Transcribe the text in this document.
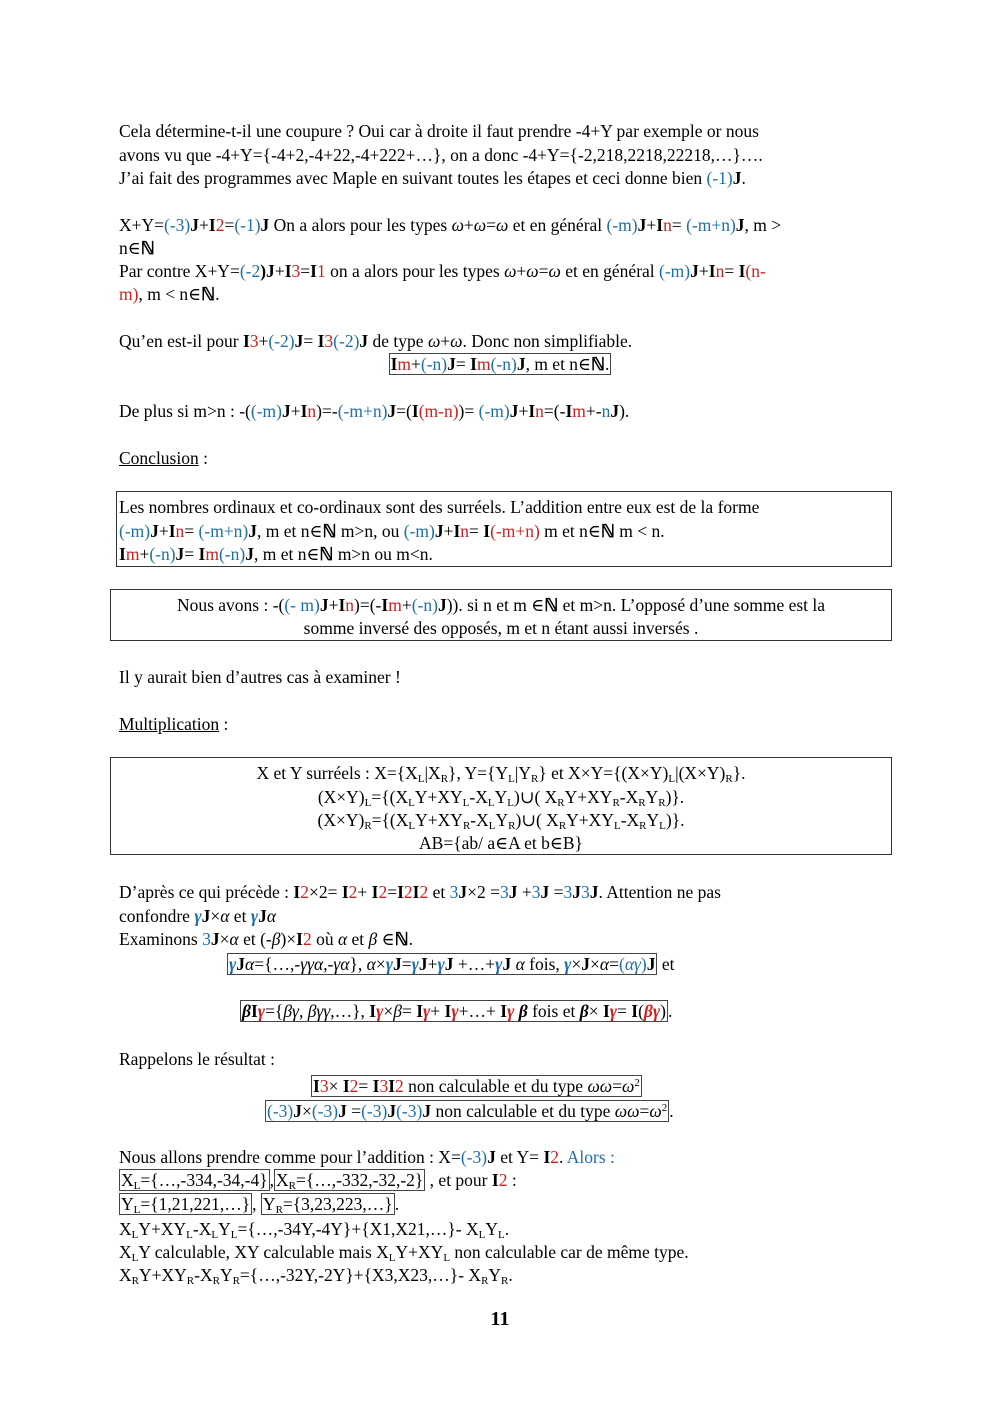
Cela détermine-t-il une coupure ? Oui car à droite il faut prendre -4+Y par exemple or nous
avons vu que -4+Y={-4+2,-4+22,-4+222+…}, on a donc -4+Y={-2,218,2218,22218,…}….
J’ai fait des programmes avec Maple en suivant toutes les étapes et ceci donne bien (-1)J.
X+Y=(-3)J+I2=(-1)J On a alors pour les types ω+ω=ω et en général (-m)J+In= (-m+n)J, m >
n∈ℕ
Par contre X+Y=(-2)J+I3=I1 on a alors pour les types ω+ω=ω et en général (-m)J+In= I(n-
m), m < n∈ℕ.
Qu’en est-il pour I3+(-2)J= I3(-2)J de type ω+ω. Donc non simplifiable.
Im+(-n)J= Im(-n)J, m et n∈ℕ.
De plus si m>n : -((-m)J+In)=-(-m+n)J=(I(m-n))= (-m)J+In=(-Im+-nJ).
Conclusion :
Les nombres ordinaux et co-ordinaux sont des surréels. L’addition entre eux est de la forme
(-m)J+In= (-m+n)J, m et n∈ℕ m>n, ou (-m)J+In= I(-m+n) m et n∈ℕ m < n.
Im+(-n)J= Im(-n)J, m et n∈ℕ m>n ou m<n.
Nous avons : -((- m)J+In)=(-Im+(-n)J)). si n et m ∈ℕ et m>n. L’opposé d’une somme est la
somme inversé des opposés, m et n étant aussi inversés .
Il y aurait bien d’autres cas à examiner !
Multiplication :
X et Y surréels : $X=\{X_L|X_R\}$, $Y=\{Y_L|Y_R\}$ et $X\times Y=\{(X\times Y)_L|(X\times Y)_R\}$.
$(X\times Y)_L=\{(X_LY+XY_L-X_LY_L)\cup$( $X_RY+XY_R-X_RY_R$)}.
$(X\times Y)_R=\{(X_LY+XY_R-X_LY_R)\cup$( $X_RY+XY_L-X_RY_L$)}.
AB={ab/ a∈A et b∈B}
D’après ce qui précède : I2×2= I2+ I2=I2I2 et 3J×2 =3J +3J =3J3J. Attention ne pas
confondre γJ×α et γJα
Examinons 3J×α et (-β)×I2 où α et β ∈ℕ.
γJα={…,-γγα,-γα}, α×γJ=γJ+γJ +…+γJ α fois, γ×J×α=(αγ)J et
βIγ={βγ, βγγ,…}, Iγ×β= Iγ+ Iγ+…+ Iγ β fois et β× Iγ= I(βγ) .
Rappelons le résultat :
I3× I2= I3I2 non calculable et du type $\omega\omega=\omega^2$
(-3)J×(-3)J =(-3)J(-3)J non calculable et du type $\omega\omega=\omega^2$ .
Nous allons prendre comme pour l’addition : X=(-3)J et Y= I2. Alors :
$X_L=\{\dots,-334,-34,-4\}$ , $X_R=\{\dots,-332,-32,-2\}$ , et pour I2 :
$Y_L=\{1,21,221,\dots\}$ , $Y_R=\{3,23,223,\dots\}$ .
$X_LY+XY_L-X_LY_L=\{\dots,-34Y,-4Y\}+\{X1,X21,\dots\}-$ $X_LY_L$.
$X_LY$ calculable, XY calculable mais $X_LY+XY_L$ non calculable car de même type.
$X_RY+XY_R-X_RY_R=\{\dots,-32Y,-2Y\}+\{X3,X23,\dots\}-$ $X_RY_R$.
11
